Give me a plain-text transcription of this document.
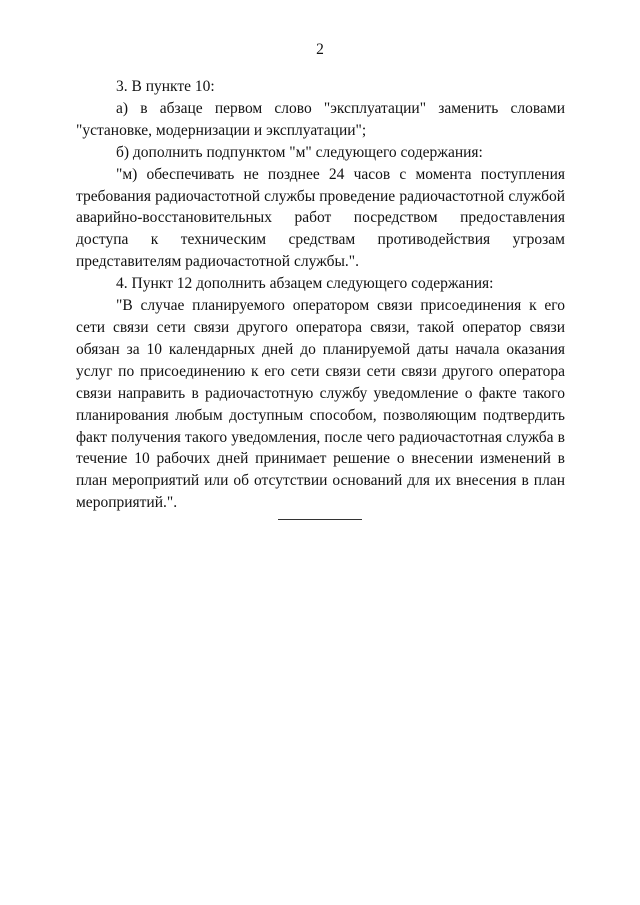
2

3. В пункте 10:

а) в абзаце первом слово "эксплуатации" заменить словами "установке, модернизации и эксплуатации";

б) дополнить подпунктом "м" следующего содержания:

"м) обеспечивать не позднее 24 часов с момента поступления требования радиочастотной службы проведение радиочастотной службой аварийно-восстановительных работ посредством предоставления доступа к техническим средствам противодействия угрозам представителям радиочастотной службы.".

4. Пункт 12 дополнить абзацем следующего содержания:

"В случае планируемого оператором связи присоединения к его сети связи сети связи другого оператора связи, такой оператор связи обязан за 10 календарных дней до планируемой даты начала оказания услуг по присоединению к его сети связи сети связи другого оператора связи направить в радиочастотную службу уведомление о факте такого планирования любым доступным способом, позволяющим подтвердить факт получения такого уведомления, после чего радиочастотная служба в течение 10 рабочих дней принимает решение о внесении изменений в план мероприятий или об отсутствии оснований для их внесения в план мероприятий.".
